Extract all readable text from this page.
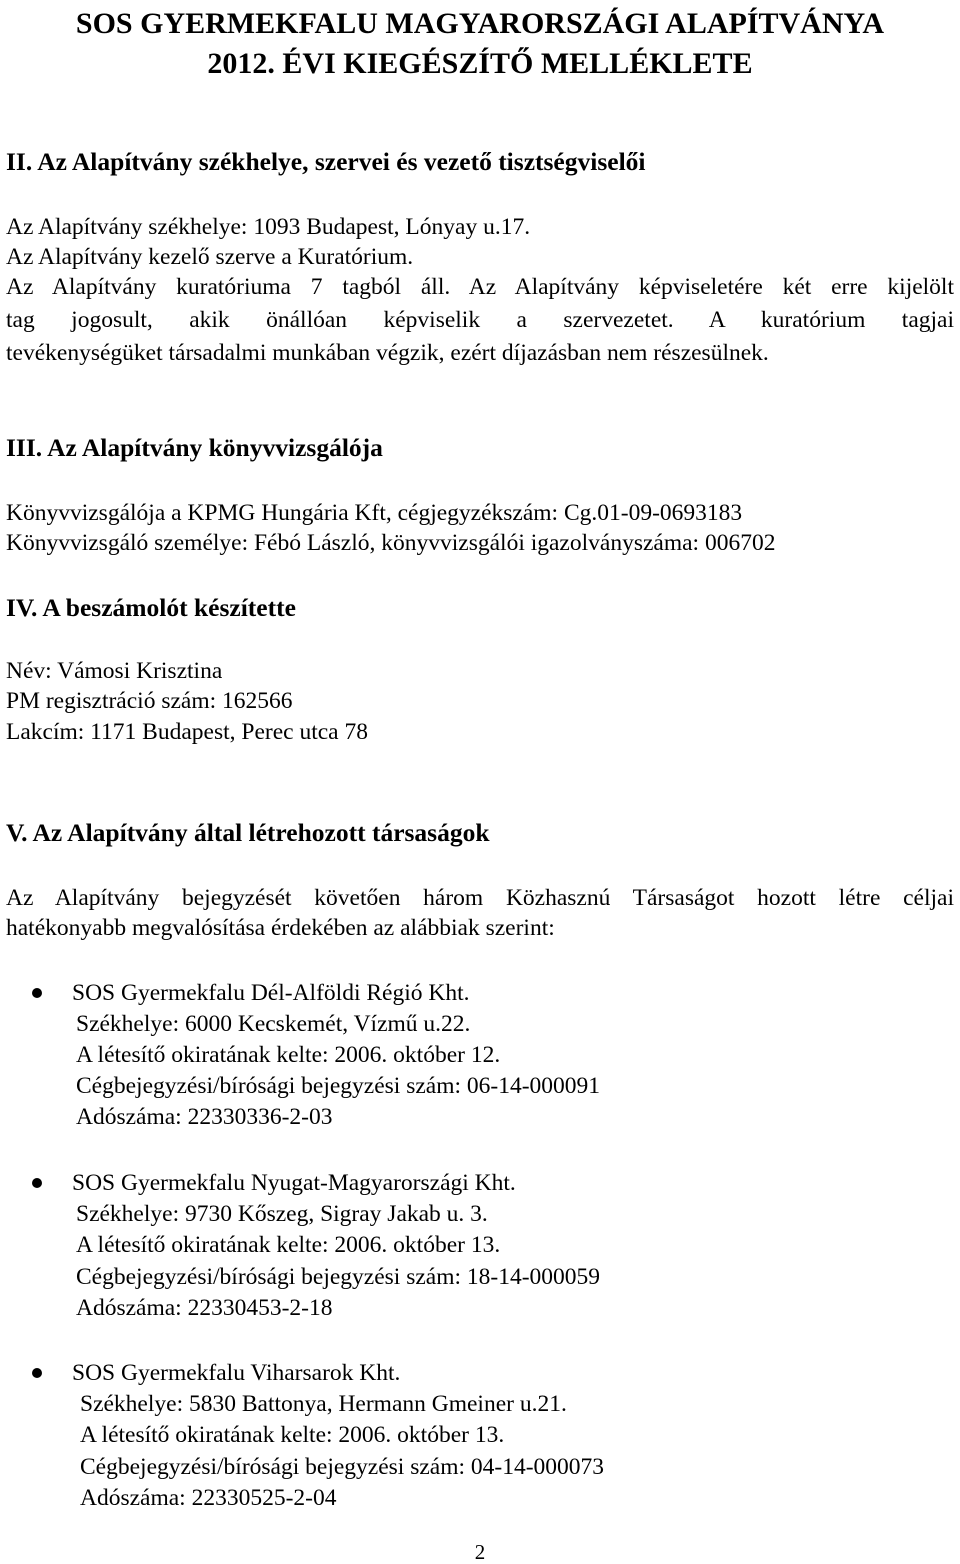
SOS GYERMEKFALU MAGYARORSZÁGI ALAPÍTVÁNYA
2012. ÉVI KIEGÉSZÍTŐ MELLÉKLETE
II. Az Alapítvány székhelye, szervei és vezető tisztségviselői
Az Alapítvány székhelye: 1093 Budapest, Lónyay u.17.
Az Alapítvány kezelő szerve a Kuratórium.
Az Alapítvány kuratóriuma 7 tagból áll. Az Alapítvány képviseletére két erre kijelölt
tag jogosult, akik önállóan képviselik a szervezetet. A kuratórium tagjai
tevékenységüket társadalmi munkában végzik, ezért díjazásban nem részesülnek.
III. Az Alapítvány könyvvizsgálója
Könyvvizsgálója a KPMG Hungária Kft, cégjegyzékszám: Cg.01-09-0693183
Könyvvizsgáló személye: Fébó László, könyvvizsgálói igazolványszáma: 006702
IV. A beszámolót készítette
Név: Vámosi Krisztina
PM regisztráció szám: 162566
Lakcím: 1171 Budapest, Perec utca 78
V. Az Alapítvány által létrehozott társaságok
Az Alapítvány bejegyzését követően három Közhasznú Társaságot hozott létre céljai
hatékonyabb megvalósítása érdekében az alábbiak szerint:
SOS Gyermekfalu Dél-Alföldi Régió Kht.
Székhelye: 6000 Kecskemét, Vízmű u.22.
A létesítő okiratának kelte: 2006. október 12.
Cégbejegyzési/bírósági bejegyzési szám: 06-14-000091
Adószáma: 22330336-2-03
SOS Gyermekfalu Nyugat-Magyarországi Kht.
Székhelye: 9730 Kőszeg, Sigray Jakab u. 3.
A létesítő okiratának kelte: 2006. október 13.
Cégbejegyzési/bírósági bejegyzési szám: 18-14-000059
Adószáma: 22330453-2-18
SOS Gyermekfalu Viharsarok Kht.
Székhelye: 5830 Battonya, Hermann Gmeiner u.21.
A létesítő okiratának kelte: 2006. október 13.
Cégbejegyzési/bírósági bejegyzési szám: 04-14-000073
Adószáma: 22330525-2-04
2
